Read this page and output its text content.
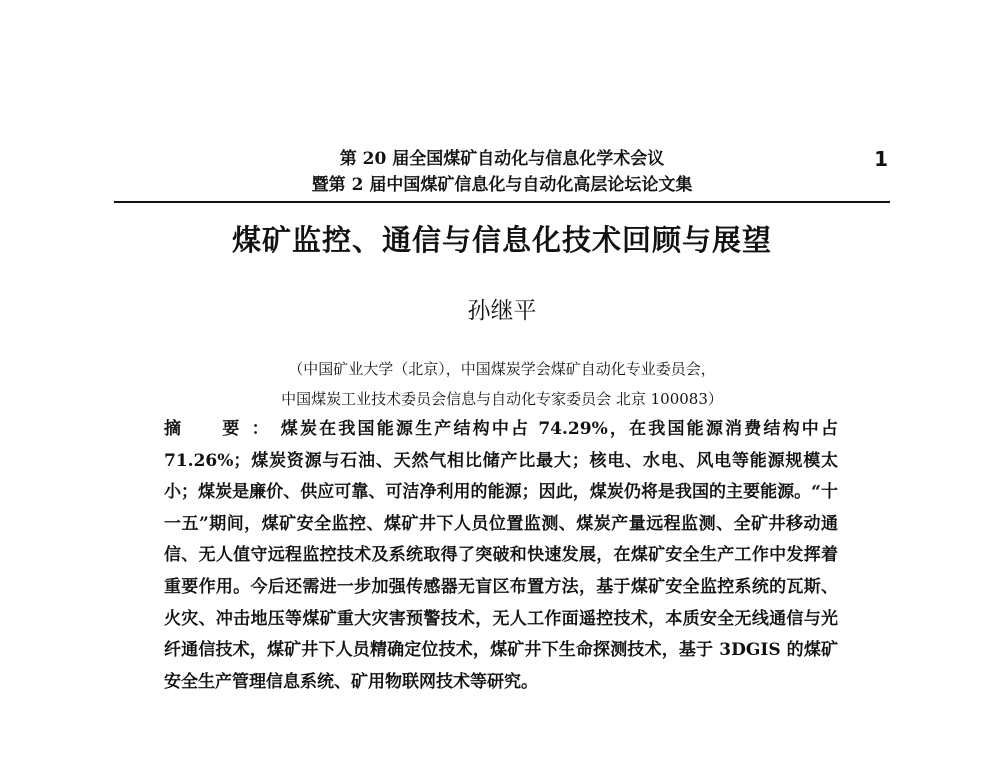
第 20 届全国煤矿自动化与信息化学术会议
暨第 2 届中国煤矿信息化与自动化高层论坛论文集
1
煤矿监控、通信与信息化技术回顾与展望
孙继平
（中国矿业大学（北京），中国煤炭学会煤矿自动化专业委员会，
中国煤炭工业技术委员会信息与自动化专家委员会 北京 100083）
摘　要：煤炭在我国能源生产结构中占 74.29%，在我国能源消费结构中占 71.26%；煤炭资源与石油、天然气相比储产比最大；核电、水电、风电等能源规模太小；煤炭是廉价、供应可靠、可洁净利用的能源；因此，煤炭仍将是我国的主要能源。“十一五”期间，煤矿安全监控、煤矿井下人员位置监测、煤炭产量远程监测、全矿井移动通信、无人值守远程监控技术及系统取得了突破和快速发展，在煤矿安全生产工作中发挥着重要作用。今后还需进一步加强传感器无盲区布置方法，基于煤矿安全监控系统的瓦斯、火灾、冲击地压等煤矿重大灾害预警技术，无人工作面遥控技术，本质安全无线通信与光纤通信技术，煤矿井下人员精确定位技术，煤矿井下生命探测技术，基于 3DGIS 的煤矿安全生产管理信息系统、矿用物联网技术等研究。
